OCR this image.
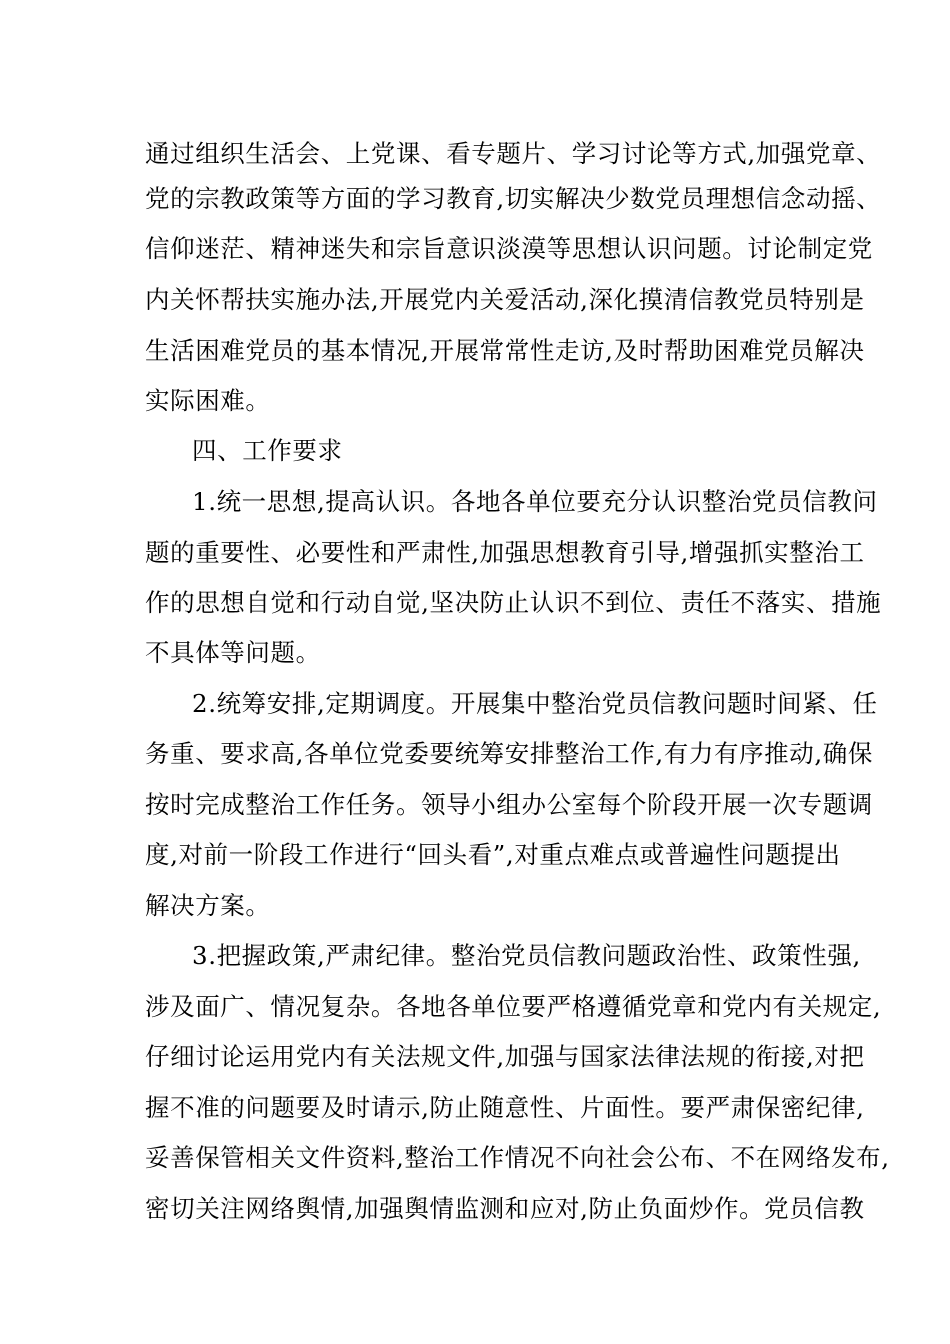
通过组织生活会、上党课、看专题片、学习讨论等方式,加强党章、
党的宗教政策等方面的学习教育,切实解决少数党员理想信念动摇、
信仰迷茫、精神迷失和宗旨意识淡漠等思想认识问题。讨论制定党
内关怀帮扶实施办法,开展党内关爱活动,深化摸清信教党员特别是
生活困难党员的基本情况,开展常常性走访,及时帮助困难党员解决
实际困难。
四、工作要求
1.统一思想,提高认识。各地各单位要充分认识整治党员信教问
题的重要性、必要性和严肃性,加强思想教育引导,增强抓实整治工
作的思想自觉和行动自觉,坚决防止认识不到位、责任不落实、措施
不具体等问题。
2.统筹安排,定期调度。开展集中整治党员信教问题时间紧、任
务重、要求高,各单位党委要统筹安排整治工作,有力有序推动,确保
按时完成整治工作任务。领导小组办公室每个阶段开展一次专题调
度,对前一阶段工作进行“回头看”,对重点难点或普遍性问题提出
解决方案。
3.把握政策,严肃纪律。整治党员信教问题政治性、政策性强,
涉及面广、情况复杂。各地各单位要严格遵循党章和党内有关规定,
仔细讨论运用党内有关法规文件,加强与国家法律法规的衔接,对把
握不准的问题要及时请示,防止随意性、片面性。要严肃保密纪律,
妥善保管相关文件资料,整治工作情况不向社会公布、不在网络发布,
密切关注网络舆情,加强舆情监测和应对,防止负面炒作。党员信教
